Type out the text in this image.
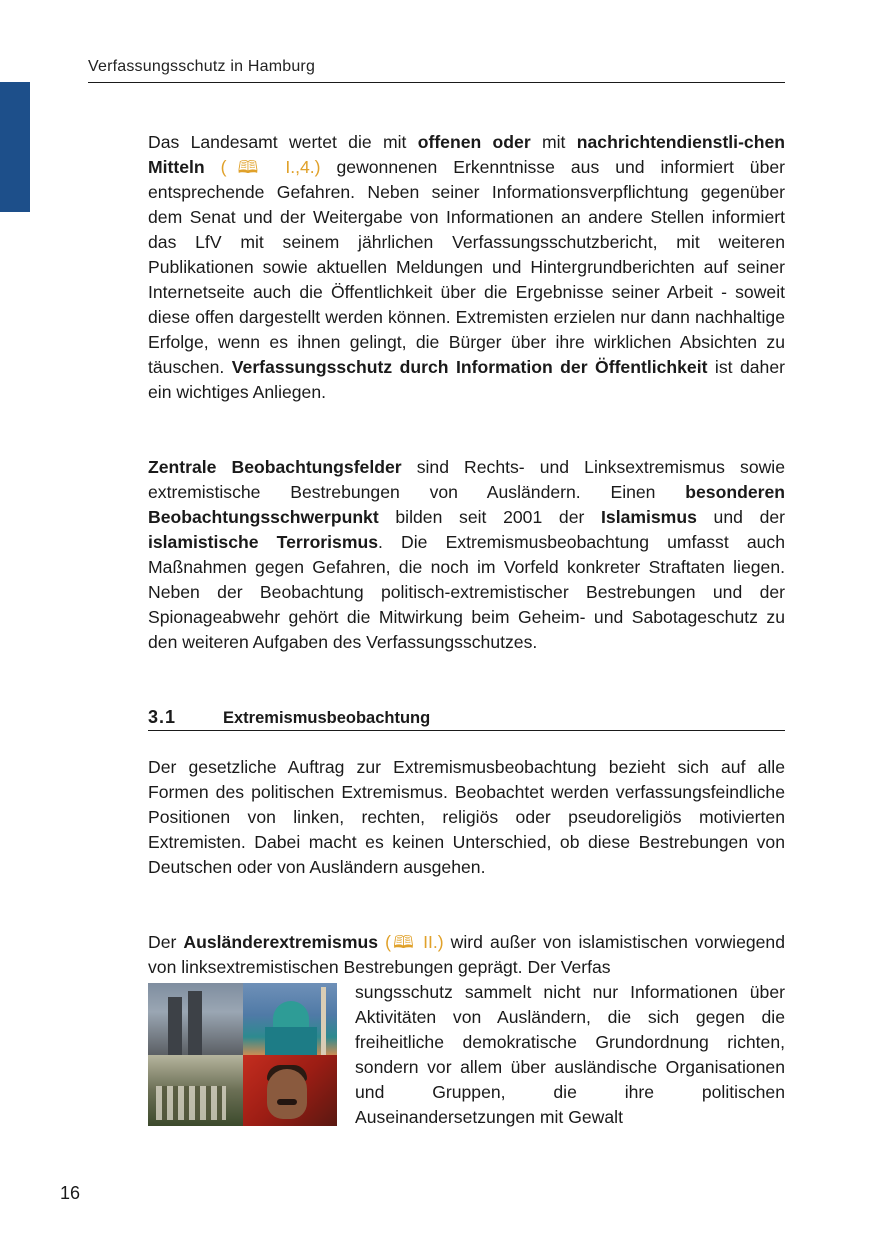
Verfassungsschutz in Hamburg

Das Landesamt wertet die mit offenen oder mit nachrichtendienstli-chen Mitteln (🕮 I.,4.) gewonnenen Erkenntnisse aus und informiert über entsprechende Gefahren. Neben seiner Informationsverpflichtung gegenüber dem Senat und der Weitergabe von Informationen an andere Stellen informiert das LfV mit seinem jährlichen Verfassungsschutzbericht, mit weiteren Publikationen sowie aktuellen Meldungen und Hintergrundberichten auf seiner Internetseite auch die Öffentlichkeit über die Ergebnisse seiner Arbeit - soweit diese offen dargestellt werden können. Extremisten erzielen nur dann nachhaltige Erfolge, wenn es ihnen gelingt, die Bürger über ihre wirklichen Absichten zu täuschen. Verfassungsschutz durch Information der Öffentlichkeit ist daher ein wichtiges Anliegen.

Zentrale Beobachtungsfelder sind Rechts- und Linksextremismus sowie extremistische Bestrebungen von Ausländern. Einen besonderen Beobachtungsschwerpunkt bilden seit 2001 der Islamismus und der islamistische Terrorismus. Die Extremismusbeobachtung umfasst auch Maßnahmen gegen Gefahren, die noch im Vorfeld konkreter Straftaten liegen. Neben der Beobachtung politisch-extremistischer Bestrebungen und der Spionageabwehr gehört die Mitwirkung beim Geheim- und Sabotageschutz zu den weiteren Aufgaben des Verfassungsschutzes.

3.1	Extremismusbeobachtung

Der gesetzliche Auftrag zur Extremismusbeobachtung bezieht sich auf alle Formen des politischen Extremismus. Beobachtet werden verfassungsfeindliche Positionen von linken, rechten, religiös oder pseudoreligiös motivierten Extremisten. Dabei macht es keinen Unterschied, ob diese Bestrebungen von Deutschen oder von Ausländern ausgehen.

Der Ausländerextremismus (🕮 II.) wird außer von islamistischen vorwiegend von linksextremistischen Bestrebungen geprägt. Der Verfas

sungsschutz sammelt nicht nur Informationen über Aktivitäten von Ausländern, die sich gegen die freiheitliche demokratische Grundordnung richten, sondern vor allem über ausländische Organisationen und Gruppen, die ihre politischen Auseinandersetzungen mit Gewalt

16
